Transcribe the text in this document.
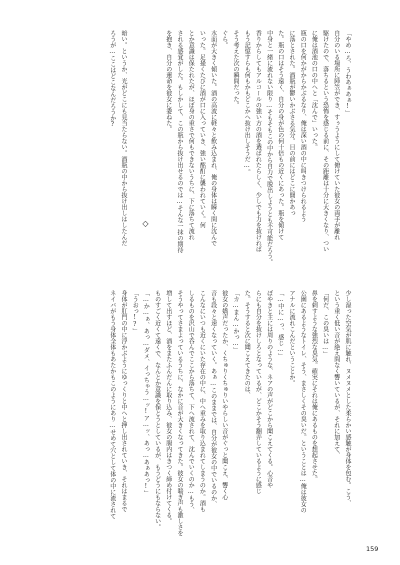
「やめ…ろ、うわあぁあぁ!」
自分のいる場所に陣笠ができ、すぅうようにして俯けていた彼女の両手が離れ
駆けたので、落ちるという恐怖を感じる前に、その距離は十分に大きくなり、つい
に俺は酒池の口の中へと「沈んで」いった。
瓶の口を何かがからかぶるなり、俺は深い酒の中に叫きつけられるよう
に落とされた。酒瓶が鬱いかぶさる気分。目の前にはどこに開かあっ
た。瓶の口はそう遠く、自分の身が色の何十倍もの近くにあった。瓶を傾けて
中身と一緒に流れない限り…そもそもこの中から自力で脱出しようとも不可能だろう。
香りからしてもアルコールの強い方の酒を選ばれたらしく、少しでも力を抜ければ
もう記憶すらも何もかもどこかへ抜け出しそうだ…。
そう考えた次の瞬間だった。
ぐら。
水面が大きく傾いた。酒の高波に軽々と飲み込まれ、俺の身体は瞬く間に沈んで
いった。足掻くたびに酒が口に入っていき、強い酩酊に襲われていく。何
とか意識は保たれたが、ほぼ身の重さで何もできないうちに、下に落ちて流れ
される感覚がした。もしかして、この瓶から抜け出せるのでは…そんな一抹の期待
を抱き、自分の運命を彼女に委ねた。
◇
暗い。というか、光がどこにも見当たらない。酒瓶の中から抜け出しはしたんだ
ろうが…ここはどこなんだろうか?
少し湿った空気が肌に触れ、ヌメヌメとした柔らかい感触が身体を包む。こう、
という重く低い音が絶え間なく響いているが、それに加えて、
「何だ、この臭いは…」
鼻を刺すような強烈な臭気。確実にそれは俺にあるものを想起させた。
公園にあるようなトイレ、そう、まさしくその臭いだ。ということは…俺は彼女の
アナルに流れこんだということか。
「…中に…っ、感じ…」
ぼやきと主には周りのような、ネアの声がどこから聞こえてくる。心音や
らにも自分を抜けしろとなっているが、どこかそう翻弄しているように感じ
た。そうすると次に聞こえてきたのは、
「カ…まん…かっ…」
彼女の嬌声だったか、くちゅりくちゅりいやらしい音がぐっと聞こえ、響く心
音も段々と速くなっていく。あぁ…このままでは、自分が彼女の中でいるのか、
こんなにいつも近くにいた存在の中に、中へ重みを取り込まれてしまうのか。酒も
しるものを沢山で呑んでここから落ちて、下へ流されて、沈んでいくのか…もう、
そうやってさまよっているうちに、なかに音が大きくなってきた。彼女の喘ぎ声も激しさを
増して出すほど、酒をまたふんだんに取り込み、彼女の腸内はきつく締め付けてくる。
ものすごく近くて遠くで、なんとか意識を保とうとしているが、もうどうにもならない。
「…か…ぁ、あっ…ダメ、イっちゃう…ッ!ア…ッ、あっ…あぁあっ!」
「うおっ!?」
身体が肛門の中に浮かぶようにゆっくりと中へと押し出されていき、それはまるで
ネイバがもう身体全体もあたかもこのようにあり…せめて穴として体の中に流されて
159
